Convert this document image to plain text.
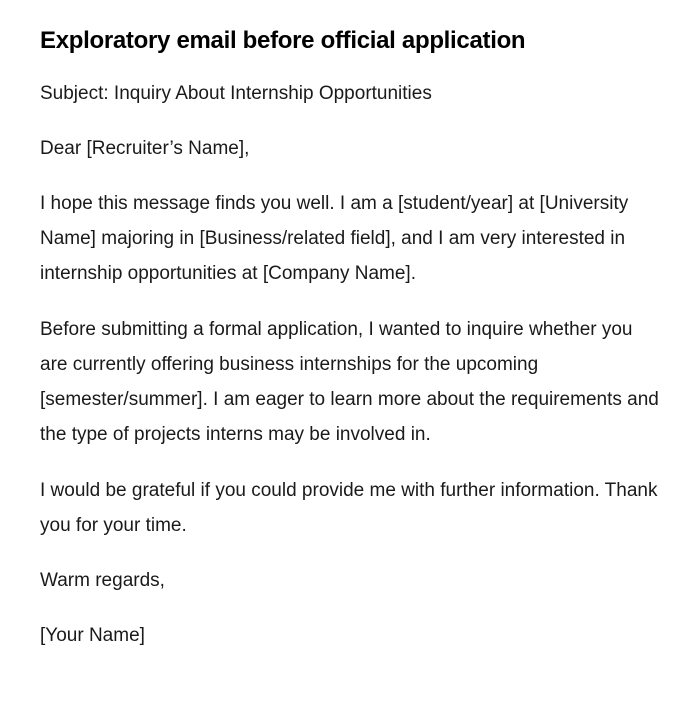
Exploratory email before official application

Subject: Inquiry About Internship Opportunities

Dear [Recruiter’s Name],

I hope this message finds you well. I am a [student/year] at [University Name] majoring in [Business/related field], and I am very interested in internship opportunities at [Company Name].

Before submitting a formal application, I wanted to inquire whether you are currently offering business internships for the upcoming [semester/summer]. I am eager to learn more about the requirements and the type of projects interns may be involved in.

I would be grateful if you could provide me with further information. Thank you for your time.

Warm regards,

[Your Name]
